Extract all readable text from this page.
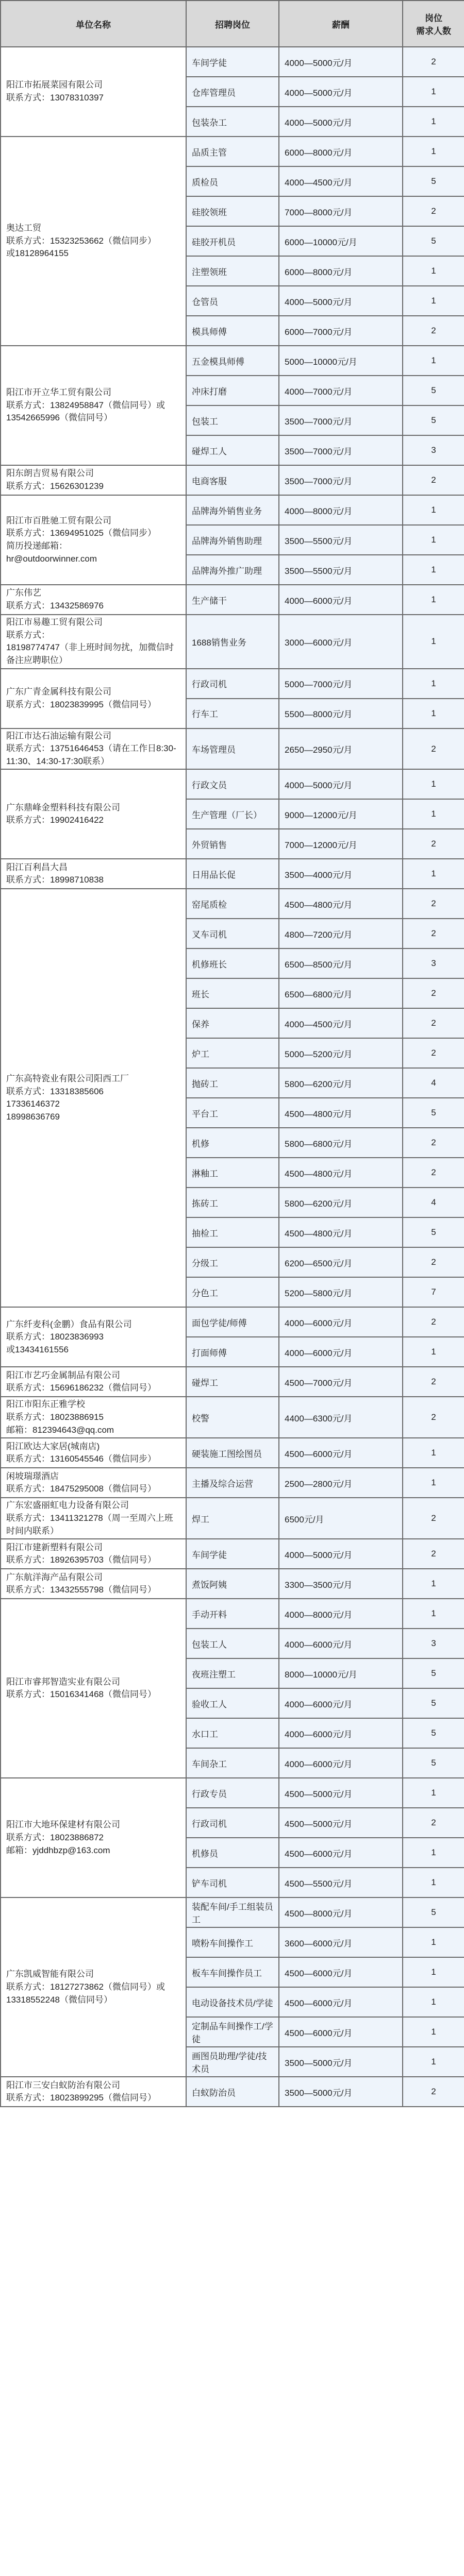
单位名称	招聘岗位	薪酬	岗位
需求人数
阳江市拓展菜园有限公司
联系方式：13078310397	车间学徒	4000—5000元/月	2
	仓库管理员	4000—5000元/月	1
	包装杂工	4000—5000元/月	1
奥达工贸
联系方式：15323253662（微信同步）
或18128964155	品质主管	6000—8000元/月	1
	质检员	4000—4500元/月	5
	硅胶领班	7000—8000元/月	2
	硅胶开机员	6000—10000元/月	5
	注塑领班	6000—8000元/月	1
	仓管员	4000—5000元/月	1
	模具师傅	6000—7000元/月	2
阳江市开立华工贸有限公司
联系方式：13824958847（微信同号）或13542665996（微信同号）	五金模具师傅	5000—10000元/月	1
	冲床打磨	4000—7000元/月	5
	包装工	3500—7000元/月	5
	碰焊工人	3500—7000元/月	3
阳东朗吉贸易有限公司
联系方式：15626301239	电商客服	3500—7000元/月	2
阳江市百胜驰工贸有限公司
联系方式：13694951025（微信同步）
简历投递邮箱：
hr@outdoorwinner.com	品牌海外销售业务	4000—8000元/月	1
	品牌海外销售助理	3500—5500元/月	1
	品牌海外推广助理	3500—5500元/月	1
广东伟艺
联系方式：13432586976	生产储干	4000—6000元/月	1
阳江市易趣工贸有限公司
联系方式：
18198774747（非上班时间勿扰，加微信时备注应聘职位）	1688销售业务	3000—6000元/月	1
广东广青金属科技有限公司
联系方式：18023839995（微信同号）	行政司机	5000—7000元/月	1
	行车工	5500—8000元/月	1
阳江市达石油运输有限公司
联系方式：13751646453（请在工作日8:30-11:30、14:30-17:30联系）	车场管理员	2650—2950元/月	2
广东鼎峰金塑料科技有限公司
联系方式：19902416422	行政文员	4000—5000元/月	1
	生产管理（厂长）	9000—12000元/月	1
	外贸销售	7000—12000元/月	2
阳江百利昌大昌
联系方式：18998710838	日用品长促	3500—4000元/月	1
广东高特瓷业有限公司阳西工厂
联系方式：13318385606
17336146372
18998636769	窑尾质检	4500—4800元/月	2
	叉车司机	4800—7200元/月	2
	机修班长	6500—8500元/月	3
	班长	6500—6800元/月	2
	保养	4000—4500元/月	2
	炉工	5000—5200元/月	2
	抛砖工	5800—6200元/月	4
	平台工	4500—4800元/月	5
	机修	5800—6800元/月	2
	淋釉工	4500—4800元/月	2
	拣砖工	5800—6200元/月	4
	抽检工	4500—4800元/月	5
	分级工	6200—6500元/月	2
	分色工	5200—5800元/月	7
广东纤麦科(金鹏）食品有限公司
联系方式：18023836993
或13434161556	面包学徒/师傅	4000—6000元/月	2
	打面师傅	4000—6000元/月	1
阳江市艺巧金属制品有限公司
联系方式：15696186232（微信同号）	碰焊工	4500—7000元/月	2
阳江市阳东正雅学校
联系方式：18023886915
邮箱：812394643@qq.com	校警	4400—6300元/月	2
阳江欧达大家居(城南店)
联系方式：13160545546（微信同步）	硬装施工图绘图员	4500—6000元/月	1
闲坡瑞璟酒店
联系方式：18475295008（微信同号）	主播及综合运营	2500—2800元/月	1
广东宏盛丽虹电力设备有限公司
联系方式：13411321278（周一至周六上班时间内联系）	焊工	6500元/月	2
阳江市建新塑料有限公司
联系方式：18926395703（微信同号）	车间学徒	4000—5000元/月	2
广东航洋海产品有限公司
联系方式：13432555798（微信同号）	煮饭阿姨	3300—3500元/月	1
阳江市睿邦智造实业有限公司
联系方式：15016341468（微信同号）	手动开料	4000—8000元/月	1
	包装工人	4000—6000元/月	3
	夜班注塑工	8000—10000元/月	5
	验收工人	4000—6000元/月	5
	水口工	4000—6000元/月	5
	车间杂工	4000—6000元/月	5
阳江市大地环保建材有限公司
联系方式：18023886872
邮箱：yjddhbzp@163.com	行政专员	4500—5000元/月	1
	行政司机	4500—5000元/月	2
	机修员	4500—6000元/月	1
	铲车司机	4500—5500元/月	1
广东凯威智能有限公司
联系方式：18127273862（微信同号）或13318552248（微信同号）	装配车间/手工组装员工	4500—8000元/月	5
	喷粉车间操作工	3600—6000元/月	1
	板车车间操作员工	4500—6000元/月	1
	电动设备技术员/学徒	4500—6000元/月	1
	定制品车间操作工/学徒	4500—6000元/月	1
	画图员助理/学徒/技术员	3500—5000元/月	1
阳江市三安白蚁防治有限公司
联系方式：18023899295（微信同号）	白蚁防治员	3500—5000元/月	2
